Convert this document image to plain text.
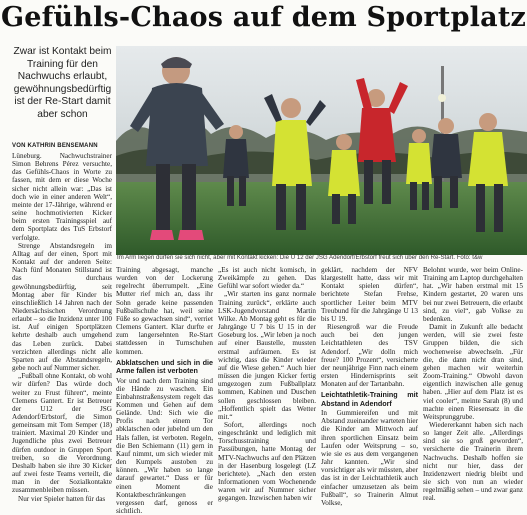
Gefühls-Chaos auf dem Sportplatz
Zwar ist Kontakt beim Training für den Nachwuchs erlaubt, gewöhnungsbedürftig ist der Re-Start damit aber schon
VON KATHRIN BENSEMANN

Lüneburg. Nachwuchstrainer Simon Behrens Pérez versuchte, das Gefühls-Chaos in Worte zu fassen, mit dem er diese Woche sicher nicht allein war: „Das ist doch wie in einer anderen Welt“, meinte der 17-Jährige, während er seine hochmotivierten Kicker beim ersten Trainingsspiel auf dem Sportplatz des TuS Erbstorf verfolgte.

Strenge Abstandsregeln im Alltag auf der einen, Sport mit Kontakt auf der anderen Seite: Nach fünf Monaten Stillstand ist das durchaus gewöhnungsbedürftig, seit Montag aber für Kinder bis einschließlich 14 Jahren nach der Niedersächsischen Verordnung erlaubt – so die Inzidenz unter 100 ist. Auf einigen Sportplätzen kehrte deshalb auch umgehend das Leben zurück. Dabei verzichten allerdings nicht alle Sparten auf die Abstandsregeln, gebe noch auf Nummer sicher.

„Fußball ohne Kontakt, ob wohl wir dürfen? Das würde doch weiter zu Frust führen“, meinte Clemens Gantert. Er ist Betreuer der U12 der JSG Adendorf/Erbstorf, die Simon gemeinsam mit Tom Semper (18) trainiert. Maximal 20 Kinder und Jugendliche plus zwei Betreuer dürfen outdoor in Gruppen Sport treiben, so die Verordnung. Deshalb haben sie ihre 30 Kicker auf zwei feste Teams verteilt, die man in der Sozialkontakte zusammenbleiben müssen.

Nur vier Spieler hatten für das

Im Arm liegen dürfen sie sich nicht, aber mit Kontakt kicken: Die U 12 der JSG Adendorf/Erbstorf freut sich über den Re-Start. Foto: t&w

Training abgesagt, manche wurden von der Lockerung regelrecht überrumpelt. „Eine Mutter rief mich an, dass ihr Sohn gerade keine passenden Fußballschuhe hat, weil seine Füße so gewachsen sind“, verriet Clemens Gantert. Klar durfte er zum langersehnten Re-Start stattdessen in Turnschuhen kommen.

Abklatschen und sich in die Arme fallen ist verboten

Vor und nach dem Training sind die Hände zu waschen. Ein Einbahnstraßensystem regelt das Kommen und Gehen auf dem Gelände. Und: Sich wie die Profis nach einem Tor abklatschen oder jubelnd um den Hals fallen, ist verboten. Regeln, die Ben Schiemann (11) gern in Kauf nimmt, um sich wieder mit den Kumpels austoben zu können. „Wir haben so lange darauf gewartet.“ Dass er für einen Moment die Kontaktbeschränkungen vergessen darf, genoss er sichtlich.

„Es ist auch nicht komisch, in Zweikämpfe zu gehen. Das Gefühl war sofort wieder da.“

„Wir starten ins ganz normale Training zurück“, erklärte auch LSK-Jugendvorstand Martin Wilke. Ab Montag geht es für die Jahrgänge U 7 bis U 15 in der Goseburg los. „Wir leben ja noch auf einer Baustelle, mussten erstmal aufräumen. Es ist wichtig, dass die Kinder wieder auf die Wiese gehen.“ Auch hier müssen die jungen Kicker fertig umgezogen zum Fußballplatz kommen, Kabinen und Duschen sollen geschlossen bleiben. „Hoffentlich spielt das Wetter mit.“

Sofort, allerdings noch eingeschränkt und lediglich mit Torschusstraining und Passübungen, hatte Montag der MTV-Nachwuchs auf den Plätzen in der Hasenburg losgelegt (LZ berichtete). „Nach den ersten Informationen vom Wochenende waren wir auf Nummer sicher gegangen. Inzwischen haben wir

geklärt, nachdem der NFV klargestellt hatte, dass wir mit Kontakt spielen dürfen“, berichtete Stefan Frehse, sportlicher Leiter beim MTV Treubund für die Jahrgänge U 13 bis U 19.

Riesengroß war die Freude auch bei den jungen Leichtathleten des TSV Adendorf. „Wir dolln mich freue? 100 Prozent“, versicherte der neunjährige Finn nach einem ersten Hindernisprints seit Monaten auf der Tartanbahn.

Leichtathletik-Training mit Abstand in Adendorf

In Gummiereifen und mit Abstand zueinander warteten hier die Kinder am Mittwoch auf ihren sportlichen Einsatz beim Laufen oder Weitsprung – so, wie sie es aus dem vergangenen Jahr kannten. „Wir sind vorsichtiger als wir müssten, aber das ist in der Leichtathletik auch einfacher umzusetzen als beim Fußball“, so Trainerin Almut Volkse,

Belohnt wurde, wer beim Online-Training am Laptop durchgehalten hat. „Wir haben erstmal mit 15 Kindern gestartet, 20 waren uns bei nur zwei Betreuern, die erlaubt sind, zu viel“, gab Volkse zu bedenken.

Damit in Zukunft alle bedacht werden, will sie zwei feste Gruppen bilden, die sich wochenweise abwechseln. „Für die, die dann nicht dran sind, gehen machen wir weiterhin Zoom-Training.“ Obwohl davon eigentlich inzwischen alle genug haben. „Hier auf dem Platz ist es viel cooler“, meinte Sarah (8) und machte einen Riesensatz in die Weitsprunggrube.

Wiedererkannt haben sich nach so langer Zeit alle. „Allerdings sind sie so groß geworden“, versicherte die Trainerin ihrem Nachwuchs. Deshalb hoffen sie nicht nur hier, dass der Inzidenzwert niedrig bleibt und sie sich von nun an wieder regelmäßig sehen – und zwar ganz real.
